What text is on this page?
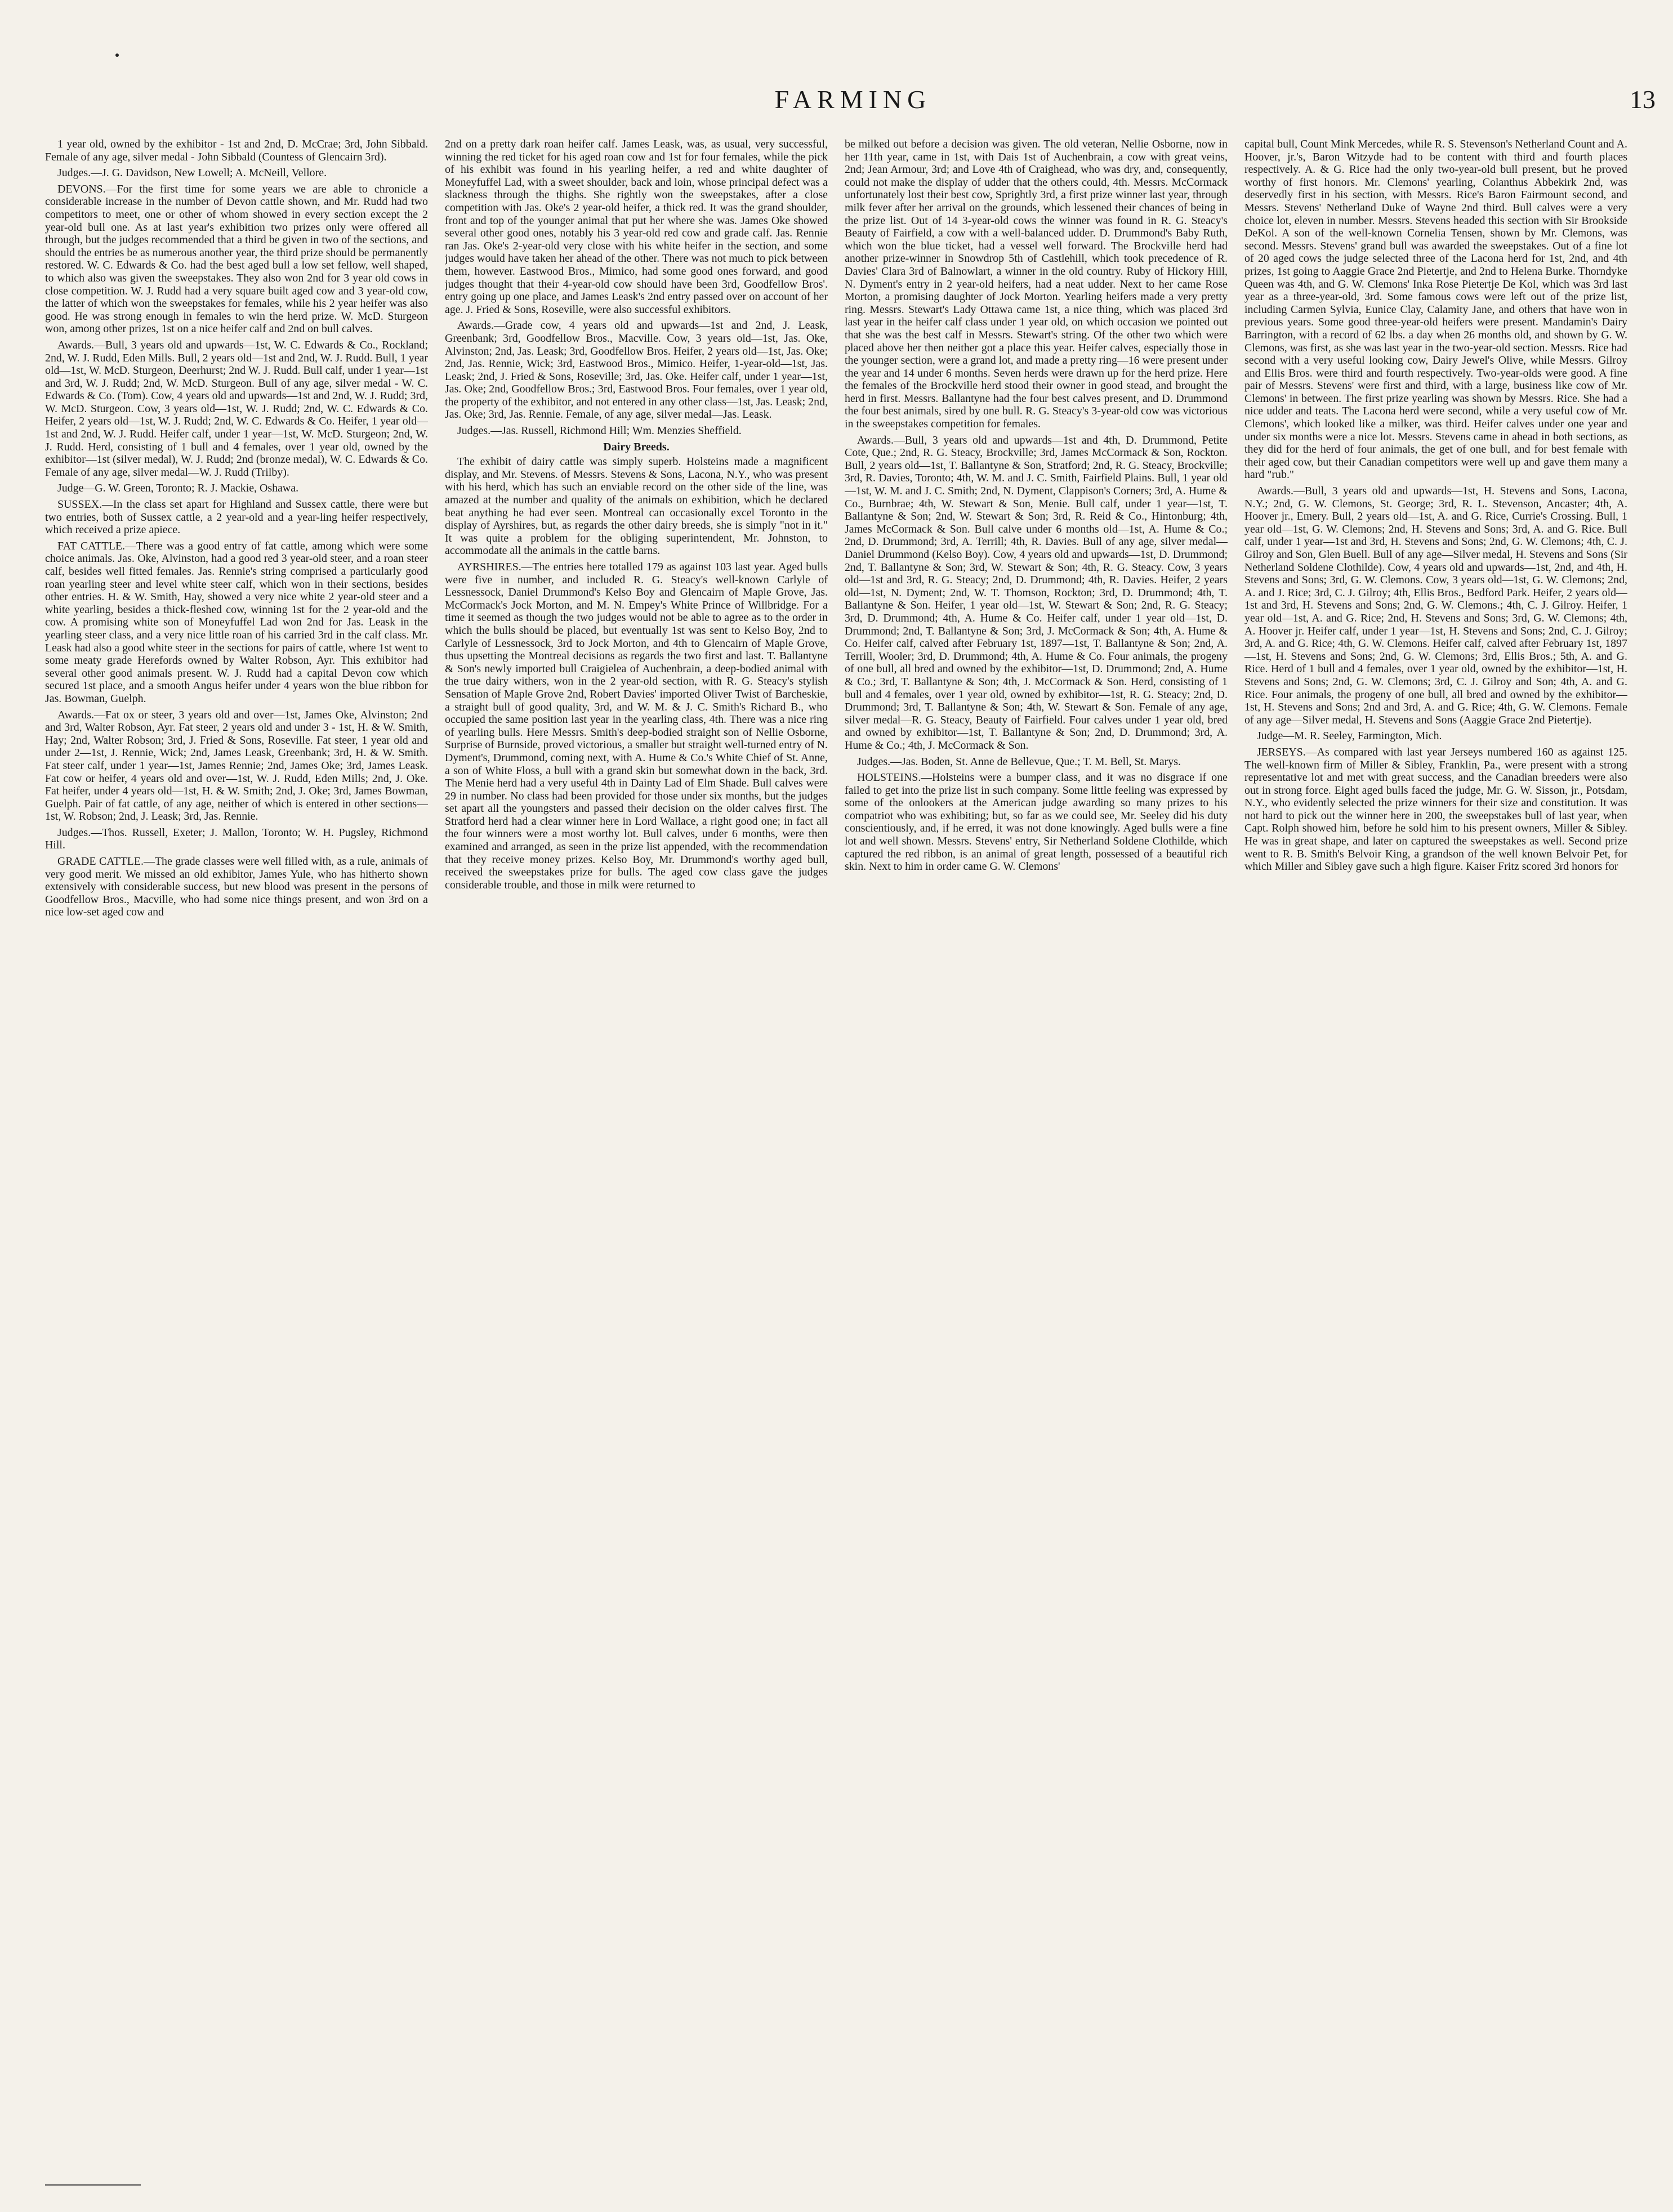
FARMING	13

1 year old, owned by the exhibitor - 1st and 2nd, D. McCrae; 3rd, John Sibbald. Female of any age, silver medal - John Sibbald (Countess of Glencairn 3rd).

Judges.—J. G. Davidson, New Lowell; A. McNeill, Vellore.

DEVONS.—For the first time for some years we are able to chronicle a considerable increase in the number of Devon cattle shown, and Mr. Rudd had two competitors to meet, one or other of whom showed in every section except the 2 year-old bull one. As at last year's exhibition two prizes only were offered all through, but the judges recommended that a third be given in two of the sections, and should the entries be as numerous another year, the third prize should be permanently restored. W. C. Edwards & Co. had the best aged bull a low set fellow, well shaped, to which also was given the sweepstakes. They also won 2nd for 3 year old cows in close competition. W. J. Rudd had a very square built aged cow and 3 year-old cow, the latter of which won the sweepstakes for females, while his 2 year heifer was also good. He was strong enough in females to win the herd prize. W. McD. Sturgeon won, among other prizes, 1st on a nice heifer calf and 2nd on bull calves.

Awards.—Bull, 3 years old and upwards—1st, W. C. Edwards & Co., Rockland; 2nd, W. J. Rudd, Eden Mills. Bull, 2 years old—1st and 2nd, W. J. Rudd. Bull, 1 year old—1st, W. McD. Sturgeon, Deerhurst; 2nd W. J. Rudd. Bull calf, under 1 year—1st and 3rd, W. J. Rudd; 2nd, W. McD. Sturgeon. Bull of any age, silver medal - W. C. Edwards & Co. (Tom). Cow, 4 years old and upwards—1st and 2nd, W. J. Rudd; 3rd, W. McD. Sturgeon. Cow, 3 years old—1st, W. J. Rudd; 2nd, W. C. Edwards & Co. Heifer, 2 years old—1st, W. J. Rudd; 2nd, W. C. Edwards & Co. Heifer, 1 year old—1st and 2nd, W. J. Rudd. Heifer calf, under 1 year—1st, W. McD. Sturgeon; 2nd, W. J. Rudd. Herd, consisting of 1 bull and 4 females, over 1 year old, owned by the exhibitor—1st (silver medal), W. J. Rudd; 2nd (bronze medal), W. C. Edwards & Co. Female of any age, silver medal—W. J. Rudd (Trilby).

Judge—G. W. Green, Toronto; R. J. Mackie, Oshawa.

SUSSEX.—In the class set apart for Highland and Sussex cattle, there were but two entries, both of Sussex cattle, a 2 year-old and a year-ling heifer respectively, which received a prize apiece.

FAT CATTLE.—There was a good entry of fat cattle, among which were some choice animals. Jas. Oke, Alvinston, had a good red 3 year-old steer, and a roan steer calf, besides well fitted females. Jas. Rennie's string comprised a particularly good roan yearling steer and level white steer calf, which won in their sections, besides other entries. H. & W. Smith, Hay, showed a very nice white 2 year-old steer and a white yearling, besides a thick-fleshed cow, winning 1st for the 2 year-old and the cow. A promising white son of Moneyfuffel Lad won 2nd for Jas. Leask in the yearling steer class, and a very nice little roan of his carried 3rd in the calf class. Mr. Leask had also a good white steer in the sections for pairs of cattle, where 1st went to some meaty grade Herefords owned by Walter Robson, Ayr. This exhibitor had several other good animals present. W. J. Rudd had a capital Devon cow which secured 1st place, and a smooth Angus heifer under 4 years won the blue ribbon for Jas. Bowman, Guelph.

Awards.—Fat ox or steer, 3 years old and over—1st, James Oke, Alvinston; 2nd and 3rd, Walter Robson, Ayr. Fat steer, 2 years old and under 3 - 1st, H. & W. Smith, Hay; 2nd, Walter Robson; 3rd, J. Fried & Sons, Roseville. Fat steer, 1 year old and under 2—1st, J. Rennie, Wick; 2nd, James Leask, Greenbank; 3rd, H. & W. Smith. Fat steer calf, under 1 year—1st, James Rennie; 2nd, James Oke; 3rd, James Leask. Fat cow or heifer, 4 years old and over—1st, W. J. Rudd, Eden Mills; 2nd, J. Oke. Fat heifer, under 4 years old—1st, H. & W. Smith; 2nd, J. Oke; 3rd, James Bowman, Guelph. Pair of fat cattle, of any age, neither of which is entered in other sections—1st, W. Robson; 2nd, J. Leask; 3rd, Jas. Rennie.

Judges.—Thos. Russell, Exeter; J. Mallon, Toronto; W. H. Pugsley, Richmond Hill.

GRADE CATTLE.—The grade classes were well filled with, as a rule, animals of very good merit. We missed an old exhibitor, James Yule, who has hitherto shown extensively with considerable success, but new blood was present in the persons of Goodfellow Bros., Macville, who had some nice things present, and won 3rd on a nice low-set aged cow and

2nd on a pretty dark roan heifer calf. James Leask, was, as usual, very successful, winning the red ticket for his aged roan cow and 1st for four females, while the pick of his exhibit was found in his yearling heifer, a red and white daughter of Moneyfuffel Lad, with a sweet shoulder, back and loin, whose principal defect was a slackness through the thighs. She rightly won the sweepstakes, after a close competition with Jas. Oke's 2 year-old heifer, a thick red. It was the grand shoulder, front and top of the younger animal that put her where she was. James Oke showed several other good ones, notably his 3 year-old red cow and grade calf. Jas. Rennie ran Jas. Oke's 2-year-old very close with his white heifer in the section, and some judges would have taken her ahead of the other. There was not much to pick between them, however. Eastwood Bros., Mimico, had some good ones forward, and good judges thought that their 4-year-old cow should have been 3rd, Goodfellow Bros'. entry going up one place, and James Leask's 2nd entry passed over on account of her age. J. Fried & Sons, Roseville, were also successful exhibitors.

Awards.—Grade cow, 4 years old and upwards—1st and 2nd, J. Leask, Greenbank; 3rd, Goodfellow Bros., Macville. Cow, 3 years old—1st, Jas. Oke, Alvinston; 2nd, Jas. Leask; 3rd, Goodfellow Bros. Heifer, 2 years old—1st, Jas. Oke; 2nd, Jas. Rennie, Wick; 3rd, Eastwood Bros., Mimico. Heifer, 1-year-old—1st, Jas. Leask; 2nd, J. Fried & Sons, Roseville; 3rd, Jas. Oke. Heifer calf, under 1 year—1st, Jas. Oke; 2nd, Goodfellow Bros.; 3rd, Eastwood Bros. Four females, over 1 year old, the property of the exhibitor, and not entered in any other class—1st, Jas. Leask; 2nd, Jas. Oke; 3rd, Jas. Rennie. Female, of any age, silver medal—Jas. Leask.

Judges.—Jas. Russell, Richmond Hill; Wm. Menzies Sheffield.

Dairy Breeds.

The exhibit of dairy cattle was simply superb. Holsteins made a magnificent display, and Mr. Stevens. of Messrs. Stevens & Sons, Lacona, N.Y., who was present with his herd, which has such an enviable record on the other side of the line, was amazed at the number and quality of the animals on exhibition, which he declared beat anything he had ever seen. Montreal can occasionally excel Toronto in the display of Ayrshires, but, as regards the other dairy breeds, she is simply "not in it." It was quite a problem for the obliging superintendent, Mr. Johnston, to accommodate all the animals in the cattle barns.

AYRSHIRES.—The entries here totalled 179 as against 103 last year. Aged bulls were five in number, and included R. G. Steacy's well-known Carlyle of Lessnessock, Daniel Drummond's Kelso Boy and Glencairn of Maple Grove, Jas. McCormack's Jock Morton, and M. N. Empey's White Prince of Willbridge. For a time it seemed as though the two judges would not be able to agree as to the order in which the bulls should be placed, but eventually 1st was sent to Kelso Boy, 2nd to Carlyle of Lessnessock, 3rd to Jock Morton, and 4th to Glencairn of Maple Grove, thus upsetting the Montreal decisions as regards the two first and last. T. Ballantyne & Son's newly imported bull Craigielea of Auchenbrain, a deep-bodied animal with the true dairy withers, won in the 2 year-old section, with R. G. Steacy's stylish Sensation of Maple Grove 2nd, Robert Davies' imported Oliver Twist of Barcheskie, a straight bull of good quality, 3rd, and W. M. & J. C. Smith's Richard B., who occupied the same position last year in the yearling class, 4th. There was a nice ring of yearling bulls. Here Messrs. Smith's deep-bodied straight son of Nellie Osborne, Surprise of Burnside, proved victorious, a smaller but straight well-turned entry of N. Dyment's, Drummond, coming next, with A. Hume & Co.'s White Chief of St. Anne, a son of White Floss, a bull with a grand skin but somewhat down in the back, 3rd. The Menie herd had a very useful 4th in Dainty Lad of Elm Shade. Bull calves were 29 in number. No class had been provided for those under six months, but the judges set apart all the youngsters and passed their decision on the older calves first. The Stratford herd had a clear winner here in Lord Wallace, a right good one; in fact all the four winners were a most worthy lot. Bull calves, under 6 months, were then examined and arranged, as seen in the prize list appended, with the recommendation that they receive money prizes. Kelso Boy, Mr. Drummond's worthy aged bull, received the sweepstakes prize for bulls. The aged cow class gave the judges considerable trouble, and those in milk were returned to

be milked out before a decision was given. The old veteran, Nellie Osborne, now in her 11th year, came in 1st, with Dais 1st of Auchenbrain, a cow with great veins, 2nd; Jean Armour, 3rd; and Love 4th of Craighead, who was dry, and, consequently, could not make the display of udder that the others could, 4th. Messrs. McCormack unfortunately lost their best cow, Sprightly 3rd, a first prize winner last year, through milk fever after her arrival on the grounds, which lessened their chances of being in the prize list. Out of 14 3-year-old cows the winner was found in R. G. Steacy's Beauty of Fairfield, a cow with a well-balanced udder. D. Drummond's Baby Ruth, which won the blue ticket, had a vessel well forward. The Brockville herd had another prize-winner in Snowdrop 5th of Castlehill, which took precedence of R. Davies' Clara 3rd of Balnowlart, a winner in the old country. Ruby of Hickory Hill, N. Dyment's entry in 2 year-old heifers, had a neat udder. Next to her came Rose Morton, a promising daughter of Jock Morton. Yearling heifers made a very pretty ring. Messrs. Stewart's Lady Ottawa came 1st, a nice thing, which was placed 3rd last year in the heifer calf class under 1 year old, on which occasion we pointed out that she was the best calf in Messrs. Stewart's string. Of the other two which were placed above her then neither got a place this year. Heifer calves, especially those in the younger section, were a grand lot, and made a pretty ring—16 were present under the year and 14 under 6 months. Seven herds were drawn up for the herd prize. Here the females of the Brockville herd stood their owner in good stead, and brought the herd in first. Messrs. Ballantyne had the four best calves present, and D. Drummond the four best animals, sired by one bull. R. G. Steacy's 3-year-old cow was victorious in the sweepstakes competition for females.

Awards.—Bull, 3 years old and upwards—1st and 4th, D. Drummond, Petite Cote, Que.; 2nd, R. G. Steacy, Brockville; 3rd, James McCormack & Son, Rockton. Bull, 2 years old—1st, T. Ballantyne & Son, Stratford; 2nd, R. G. Steacy, Brockville; 3rd, R. Davies, Toronto; 4th, W. M. and J. C. Smith, Fairfield Plains. Bull, 1 year old—1st, W. M. and J. C. Smith; 2nd, N. Dyment, Clappison's Corners; 3rd, A. Hume & Co., Burnbrae; 4th, W. Stewart & Son, Menie. Bull calf, under 1 year—1st, T. Ballantyne & Son; 2nd, W. Stewart & Son; 3rd, R. Reid & Co., Hintonburg; 4th, James McCormack & Son. Bull calve under 6 months old—1st, A. Hume & Co.; 2nd, D. Drummond; 3rd, A. Terrill; 4th, R. Davies. Bull of any age, silver medal—Daniel Drummond (Kelso Boy). Cow, 4 years old and upwards—1st, D. Drummond; 2nd, T. Ballantyne & Son; 3rd, W. Stewart & Son; 4th, R. G. Steacy. Cow, 3 years old—1st and 3rd, R. G. Steacy; 2nd, D. Drummond; 4th, R. Davies. Heifer, 2 years old—1st, N. Dyment; 2nd, W. T. Thomson, Rockton; 3rd, D. Drummond; 4th, T. Ballantyne & Son. Heifer, 1 year old—1st, W. Stewart & Son; 2nd, R. G. Steacy; 3rd, D. Drummond; 4th, A. Hume & Co. Heifer calf, under 1 year old—1st, D. Drummond; 2nd, T. Ballantyne & Son; 3rd, J. McCormack & Son; 4th, A. Hume & Co. Heifer calf, calved after February 1st, 1897—1st, T. Ballantyne & Son; 2nd, A. Terrill, Wooler; 3rd, D. Drummond; 4th, A. Hume & Co. Four animals, the progeny of one bull, all bred and owned by the exhibitor—1st, D. Drummond; 2nd, A. Hume & Co.; 3rd, T. Ballantyne & Son; 4th, J. McCormack & Son. Herd, consisting of 1 bull and 4 females, over 1 year old, owned by exhibitor—1st, R. G. Steacy; 2nd, D. Drummond; 3rd, T. Ballantyne & Son; 4th, W. Stewart & Son. Female of any age, silver medal—R. G. Steacy, Beauty of Fairfield. Four calves under 1 year old, bred and owned by exhibitor—1st, T. Ballantyne & Son; 2nd, D. Drummond; 3rd, A. Hume & Co.; 4th, J. McCormack & Son.

Judges.—Jas. Boden, St. Anne de Bellevue, Que.; T. M. Bell, St. Marys.

HOLSTEINS.—Holsteins were a bumper class, and it was no disgrace if one failed to get into the prize list in such company. Some little feeling was expressed by some of the onlookers at the American judge awarding so many prizes to his compatriot who was exhibiting; but, so far as we could see, Mr. Seeley did his duty conscientiously, and, if he erred, it was not done knowingly. Aged bulls were a fine lot and well shown. Messrs. Stevens' entry, Sir Netherland Soldene Clothilde, which captured the red ribbon, is an animal of great length, possessed of a beautiful rich skin. Next to him in order came G. W. Clemons'

capital bull, Count Mink Mercedes, while R. S. Stevenson's Netherland Count and A. Hoover, jr.'s, Baron Witzyde had to be content with third and fourth places respectively. A. & G. Rice had the only two-year-old bull present, but he proved worthy of first honors. Mr. Clemons' yearling, Colanthus Abbekirk 2nd, was deservedly first in his section, with Messrs. Rice's Baron Fairmount second, and Messrs. Stevens' Netherland Duke of Wayne 2nd third. Bull calves were a very choice lot, eleven in number. Messrs. Stevens headed this section with Sir Brookside DeKol. A son of the well-known Cornelia Tensen, shown by Mr. Clemons, was second. Messrs. Stevens' grand bull was awarded the sweepstakes. Out of a fine lot of 20 aged cows the judge selected three of the Lacona herd for 1st, 2nd, and 4th prizes, 1st going to Aaggie Grace 2nd Pietertje, and 2nd to Helena Burke. Thorndyke Queen was 4th, and G. W. Clemons' Inka Rose Pietertje De Kol, which was 3rd last year as a three-year-old, 3rd. Some famous cows were left out of the prize list, including Carmen Sylvia, Eunice Clay, Calamity Jane, and others that have won in previous years. Some good three-year-old heifers were present. Mandamin's Dairy Barrington, with a record of 62 lbs. a day when 26 months old, and shown by G. W. Clemons, was first, as she was last year in the two-year-old section. Messrs. Rice had second with a very useful looking cow, Dairy Jewel's Olive, while Messrs. Gilroy and Ellis Bros. were third and fourth respectively. Two-year-olds were good. A fine pair of Messrs. Stevens' were first and third, with a large, business like cow of Mr. Clemons' in between. The first prize yearling was shown by Messrs. Rice. She had a nice udder and teats. The Lacona herd were second, while a very useful cow of Mr. Clemons', which looked like a milker, was third. Heifer calves under one year and under six months were a nice lot. Messrs. Stevens came in ahead in both sections, as they did for the herd of four animals, the get of one bull, and for best female with their aged cow, but their Canadian competitors were well up and gave them many a hard "rub."

Awards.—Bull, 3 years old and upwards—1st, H. Stevens and Sons, Lacona, N.Y.; 2nd, G. W. Clemons, St. George; 3rd, R. L. Stevenson, Ancaster; 4th, A. Hoover jr., Emery. Bull, 2 years old—1st, A. and G. Rice, Currie's Crossing. Bull, 1 year old—1st, G. W. Clemons; 2nd, H. Stevens and Sons; 3rd, A. and G. Rice. Bull calf, under 1 year—1st and 3rd, H. Stevens and Sons; 2nd, G. W. Clemons; 4th, C. J. Gilroy and Son, Glen Buell. Bull of any age—Silver medal, H. Stevens and Sons (Sir Netherland Soldene Clothilde). Cow, 4 years old and upwards—1st, 2nd, and 4th, H. Stevens and Sons; 3rd, G. W. Clemons. Cow, 3 years old—1st, G. W. Clemons; 2nd, A. and J. Rice; 3rd, C. J. Gilroy; 4th, Ellis Bros., Bedford Park. Heifer, 2 years old—1st and 3rd, H. Stevens and Sons; 2nd, G. W. Clemons.; 4th, C. J. Gilroy. Heifer, 1 year old—1st, A. and G. Rice; 2nd, H. Stevens and Sons; 3rd, G. W. Clemons; 4th, A. Hoover jr. Heifer calf, under 1 year—1st, H. Stevens and Sons; 2nd, C. J. Gilroy; 3rd, A. and G. Rice; 4th, G. W. Clemons. Heifer calf, calved after February 1st, 1897—1st, H. Stevens and Sons; 2nd, G. W. Clemons; 3rd, Ellis Bros.; 5th, A. and G. Rice. Herd of 1 bull and 4 females, over 1 year old, owned by the exhibitor—1st, H. Stevens and Sons; 2nd, G. W. Clemons; 3rd, C. J. Gilroy and Son; 4th, A. and G. Rice. Four animals, the progeny of one bull, all bred and owned by the exhibitor—1st, H. Stevens and Sons; 2nd and 3rd, A. and G. Rice; 4th, G. W. Clemons. Female of any age—Silver medal, H. Stevens and Sons (Aaggie Grace 2nd Pietertje).

Judge—M. R. Seeley, Farmington, Mich.

JERSEYS.—As compared with last year Jerseys numbered 160 as against 125. The well-known firm of Miller & Sibley, Franklin, Pa., were present with a strong representative lot and met with great success, and the Canadian breeders were also out in strong force. Eight aged bulls faced the judge, Mr. G. W. Sisson, jr., Potsdam, N.Y., who evidently selected the prize winners for their size and constitution. It was not hard to pick out the winner here in 200, the sweepstakes bull of last year, when Capt. Rolph showed him, before he sold him to his present owners, Miller & Sibley. He was in great shape, and later on captured the sweepstakes as well. Second prize went to R. B. Smith's Belvoir King, a grandson of the well known Belvoir Pet, for which Miller and Sibley gave such a high figure. Kaiser Fritz scored 3rd honors for
